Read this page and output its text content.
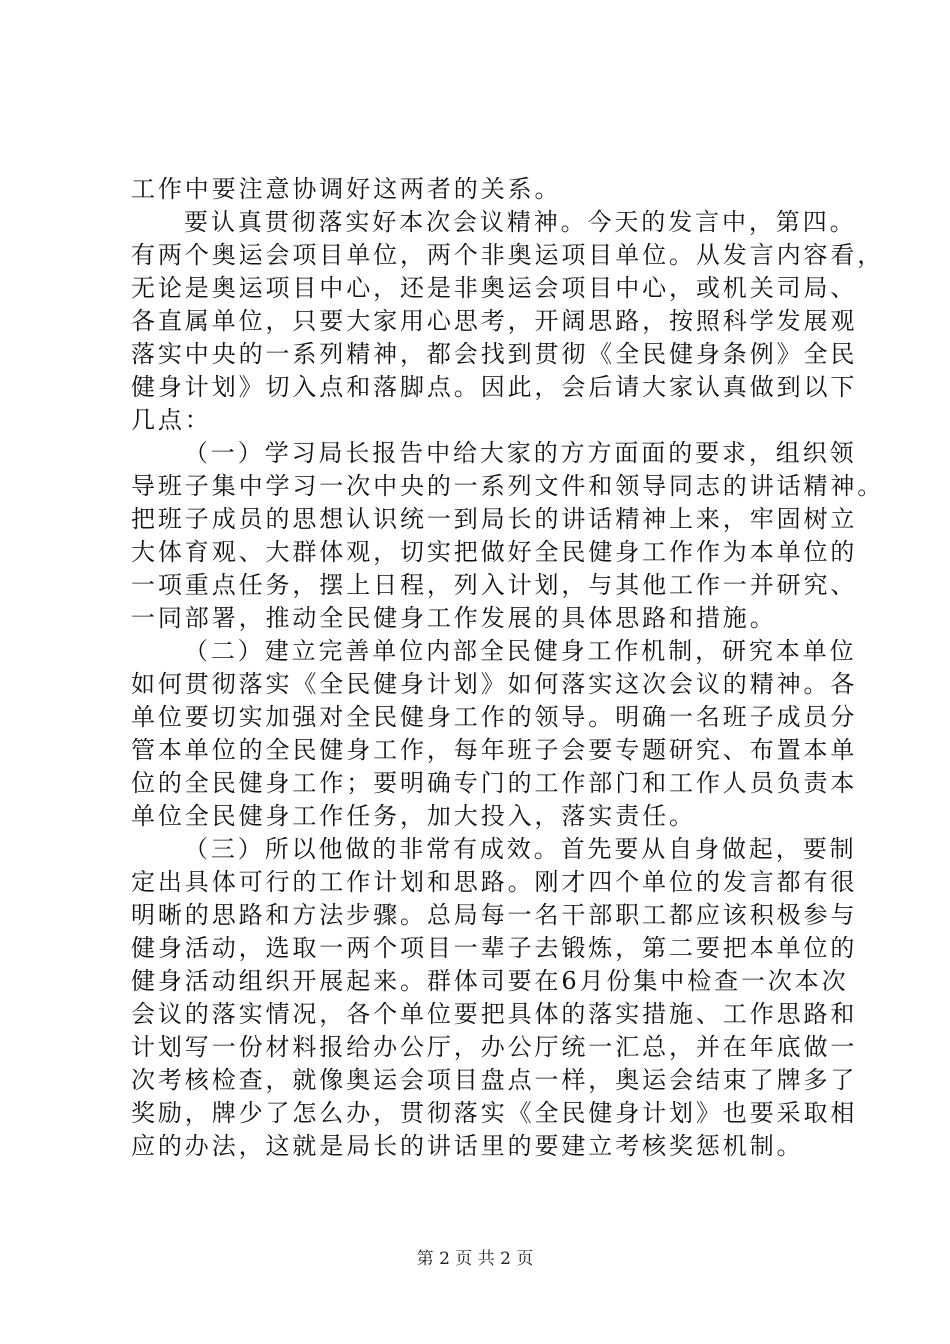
工作中要注意协调好这两者的关系。
要认真贯彻落实好本次会议精神。今天的发言中，第四。
有两个奥运会项目单位，两个非奥运项目单位。从发言内容看，
无论是奥运项目中心，还是非奥运会项目中心，或机关司局、
各直属单位，只要大家用心思考，开阔思路，按照科学发展观
落实中央的一系列精神，都会找到贯彻《全民健身条例》全民
健身计划》切入点和落脚点。因此，会后请大家认真做到以下
几点：
（一）学习局长报告中给大家的方方面面的要求，组织领
导班子集中学习一次中央的一系列文件和领导同志的讲话精神。
把班子成员的思想认识统一到局长的讲话精神上来，牢固树立
大体育观、大群体观，切实把做好全民健身工作作为本单位的
一项重点任务，摆上日程，列入计划，与其他工作一并研究、
一同部署，推动全民健身工作发展的具体思路和措施。
（二）建立完善单位内部全民健身工作机制，研究本单位
如何贯彻落实《全民健身计划》如何落实这次会议的精神。各
单位要切实加强对全民健身工作的领导。明确一名班子成员分
管本单位的全民健身工作，每年班子会要专题研究、布置本单
位的全民健身工作；要明确专门的工作部门和工作人员负责本
单位全民健身工作任务，加大投入，落实责任。
（三）所以他做的非常有成效。首先要从自身做起，要制
定出具体可行的工作计划和思路。刚才四个单位的发言都有很
明晰的思路和方法步骤。总局每一名干部职工都应该积极参与
健身活动，选取一两个项目一辈子去锻炼，第二要把本单位的
健身活动组织开展起来。群体司要在6月份集中检查一次本次
会议的落实情况，各个单位要把具体的落实措施、工作思路和
计划写一份材料报给办公厅，办公厅统一汇总，并在年底做一
次考核检查，就像奥运会项目盘点一样，奥运会结束了牌多了
奖励，牌少了怎么办，贯彻落实《全民健身计划》也要采取相
应的办法，这就是局长的讲话里的要建立考核奖惩机制。
第 2 页 共 2 页
